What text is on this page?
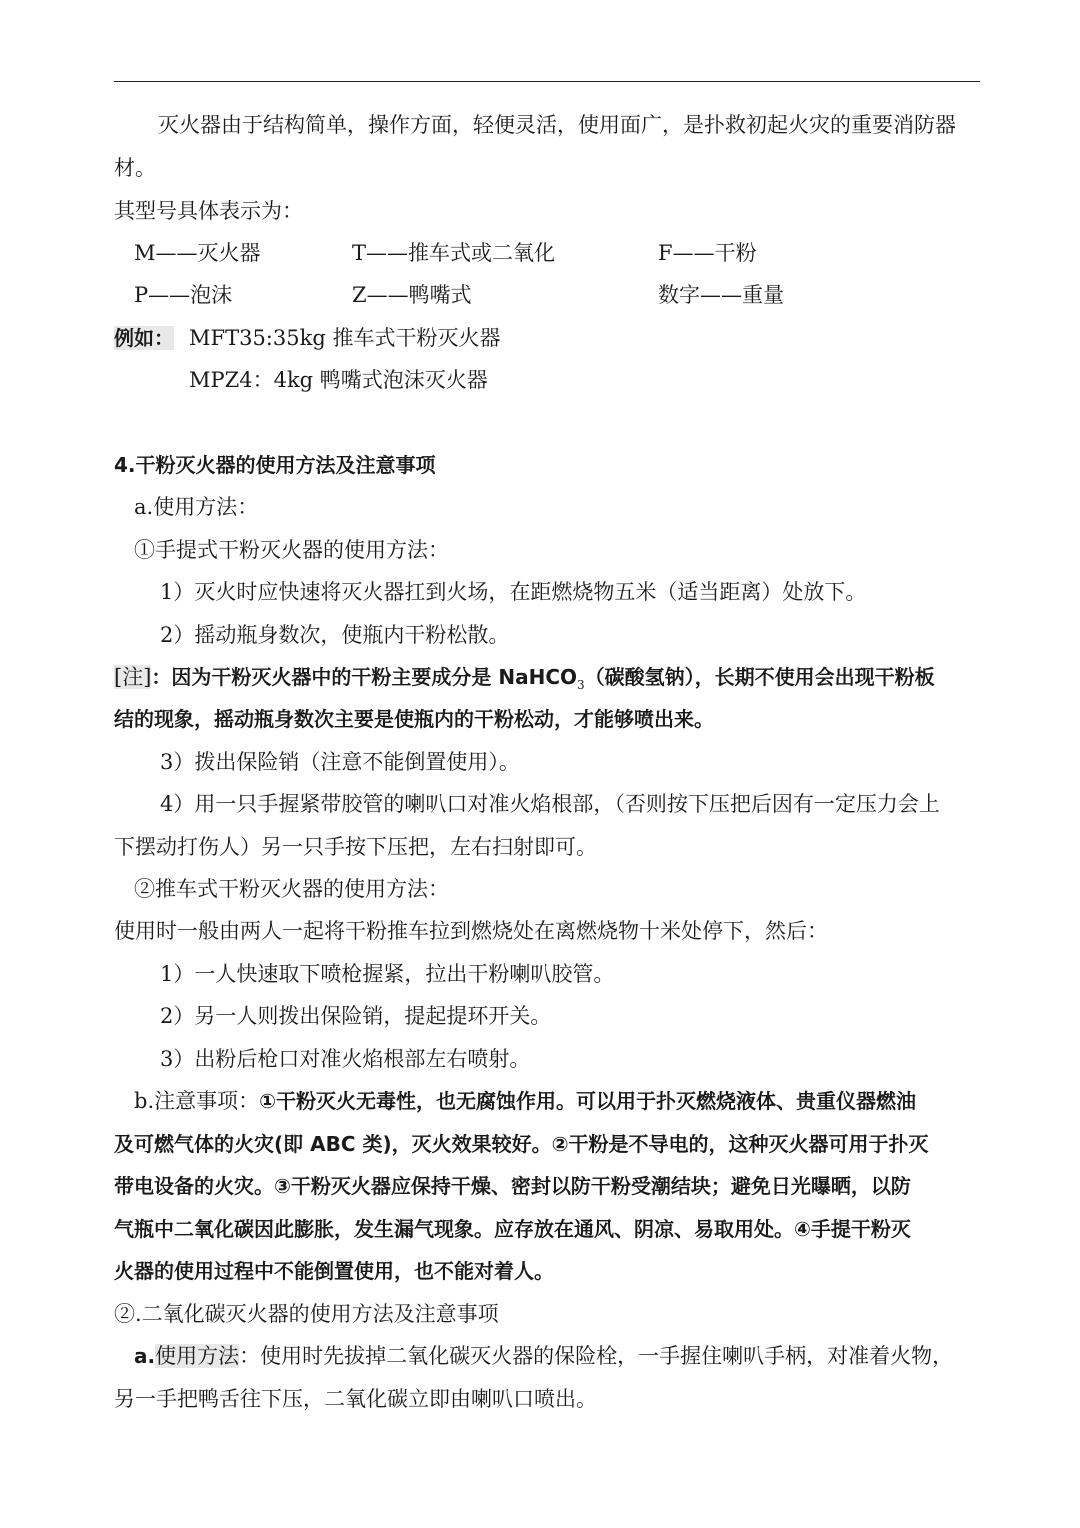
灭火器由于结构简单，操作方面，轻便灵活，使用面广，是扑救初起火灾的重要消防器
材。
其型号具体表示为：
M——灭火器	T——推车式或二氧化	F——干粉
P——泡沫	Z——鸭嘴式	数字——重量
例如： MFT35:35kg 推车式干粉灭火器
MPZ4：4kg 鸭嘴式泡沫灭火器
4.干粉灭火器的使用方法及注意事项
a.使用方法：
①手提式干粉灭火器的使用方法：
1）灭火时应快速将灭火器扛到火场，在距燃烧物五米（适当距离）处放下。
2）摇动瓶身数次，使瓶内干粉松散。
[注]：因为干粉灭火器中的干粉主要成分是 NaHCO$_3$（碳酸氢钠），长期不使用会出现干粉板
结的现象，摇动瓶身数次主要是使瓶内的干粉松动，才能够喷出来。
3）拨出保险销（注意不能倒置使用）。
4）用一只手握紧带胶管的喇叭口对准火焰根部，（否则按下压把后因有一定压力会上
下摆动打伤人）另一只手按下压把，左右扫射即可。
②推车式干粉灭火器的使用方法：
使用时一般由两人一起将干粉推车拉到燃烧处在离燃烧物十米处停下，然后：
1）一人快速取下喷枪握紧，拉出干粉喇叭胶管。
2）另一人则拨出保险销，提起提环开关。
3）出粉后枪口对准火焰根部左右喷射。
b.注意事项：①干粉灭火无毒性，也无腐蚀作用。可以用于扑灭燃烧液体、贵重仪器燃油
及可燃气体的火灾(即 ABC 类)，灭火效果较好。②干粉是不导电的，这种灭火器可用于扑灭
带电设备的火灾。③干粉灭火器应保持干燥、密封以防干粉受潮结块；避免日光曝晒，以防
气瓶中二氧化碳因此膨胀，发生漏气现象。应存放在通风、阴凉、易取用处。④手提干粉灭
火器的使用过程中不能倒置使用，也不能对着人。
②.二氧化碳灭火器的使用方法及注意事项
a.使用方法：使用时先拔掉二氧化碳灭火器的保险栓，一手握住喇叭手柄，对准着火物，
另一手把鸭舌往下压，二氧化碳立即由喇叭口喷出。
